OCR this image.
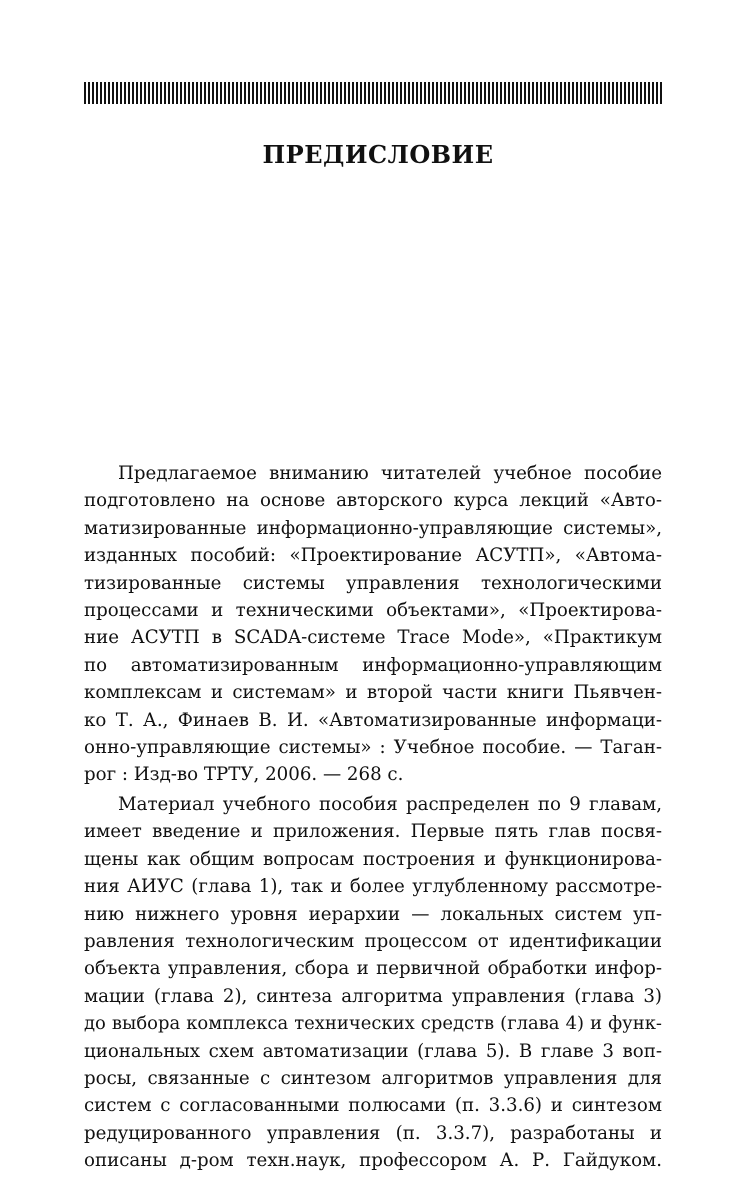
ПРЕДИСЛОВИЕ
Предлагаемое вниманию читателей учебное пособие
подготовлено на основе авторского курса лекций «Авто-
матизированные информационно-управляющие системы»,
изданных пособий: «Проектирование АСУТП», «Автома-
тизированные системы управления технологическими
процессами и техническими объектами», «Проектирова-
ние АСУТП в SCADA-системе Trace Mode», «Практикум
по автоматизированным информационно-управляющим
комплексам и системам» и второй части книги Пьявчен-
ко Т. А., Финаев В. И. «Автоматизированные информаци-
онно-управляющие системы» : Учебное пособие. — Таган-
рог : Изд-во ТРТУ, 2006. — 268 с.
Материал учебного пособия распределен по 9 главам,
имеет введение и приложения. Первые пять глав посвя-
щены как общим вопросам построения и функционирова-
ния АИУС (глава 1), так и более углубленному рассмотре-
нию нижнего уровня иерархии — локальных систем уп-
равления технологическим процессом от идентификации
объекта управления, сбора и первичной обработки инфор-
мации (глава 2), синтеза алгоритма управления (глава 3)
до выбора комплекса технических средств (глава 4) и функ-
циональных схем автоматизации (глава 5). В главе 3 воп-
росы, связанные с синтезом алгоритмов управления для
систем с согласованными полюсами (п. 3.3.6) и синтезом
редуцированного управления (п. 3.3.7), разработаны и
описаны д-ром техн.наук, профессором А. Р. Гайдуком.
